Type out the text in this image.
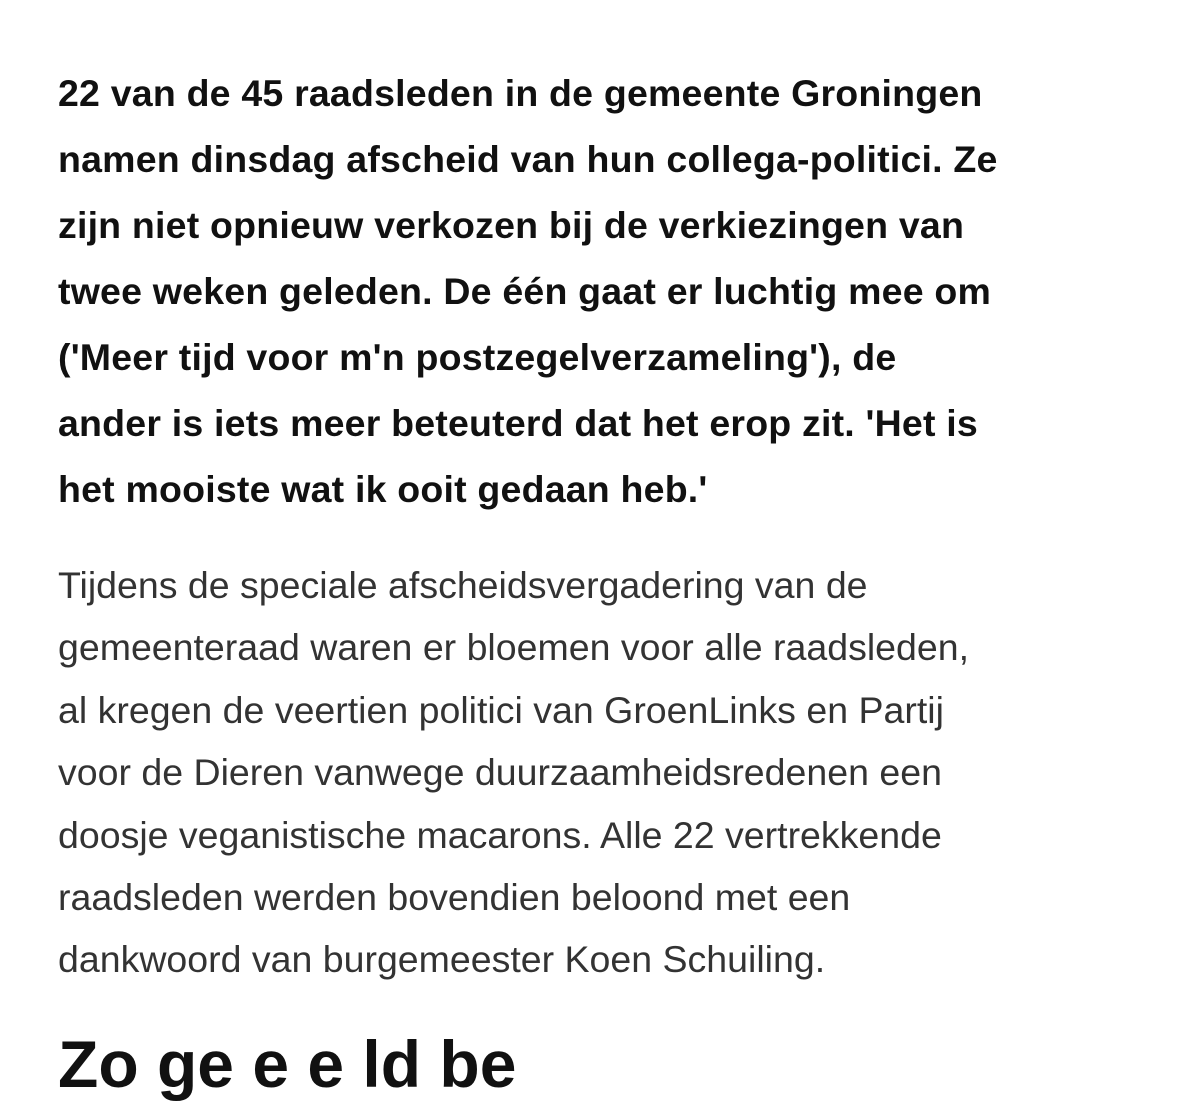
22 van de 45 raadsleden in de gemeente Groningen
namen dinsdag afscheid van hun collega-politici. Ze
zijn niet opnieuw verkozen bij de verkiezingen van
twee weken geleden. De één gaat er luchtig mee om
('Meer tijd voor m'n postzegelverzameling'), de
ander is iets meer beteuterd dat het erop zit. 'Het is
het mooiste wat ik ooit gedaan heb.'

Tijdens de speciale afscheidsvergadering van de
gemeenteraad waren er bloemen voor alle raadsleden,
al kregen de veertien politici van GroenLinks en Partij
voor de Dieren vanwege duurzaamheidsredenen een
doosje veganistische macarons. Alle 22 vertrekkende
raadsleden werden bovendien beloond met een
dankwoord van burgemeester Koen Schuiling.

Zo ge e e ld be
